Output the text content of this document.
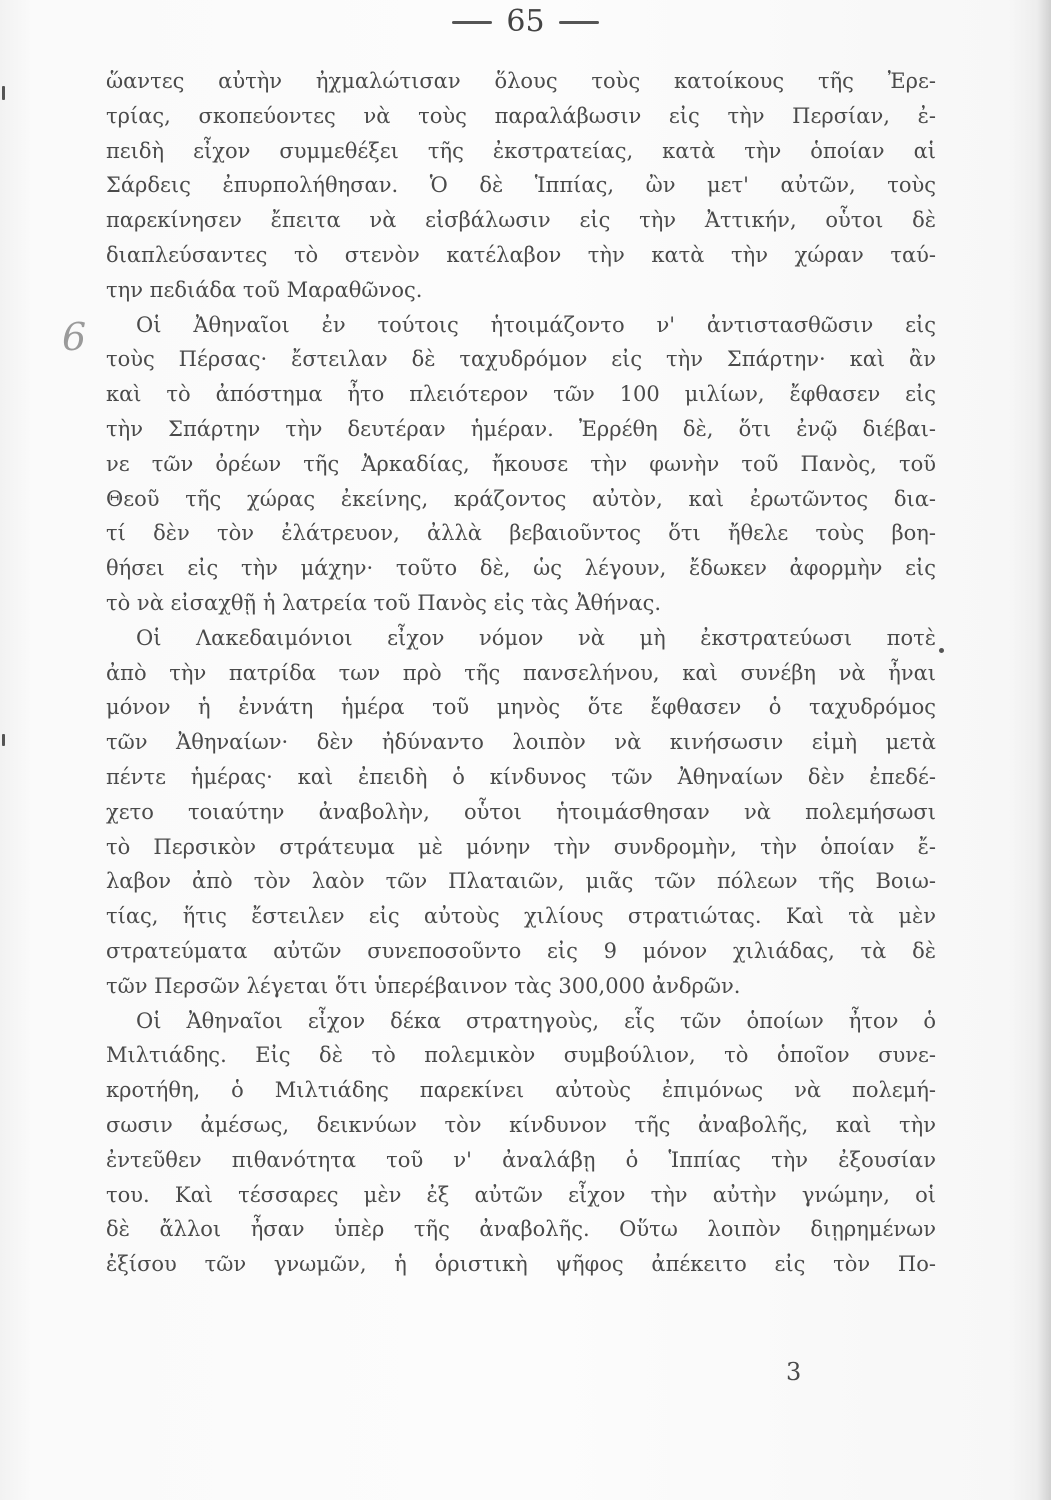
65
6
ὥαντες αὐτὴν ἠχμαλώτισαν ὅλους τοὺς κατοίκους τῆς Ἐρε-
τρίας, σκοπεύοντες νὰ τοὺς παραλάβωσιν εἰς τὴν Περσίαν, ἐ-
πειδὴ εἶχον συμμεθέξει τῆς ἐκστρατείας, κατὰ τὴν ὁποίαν αἱ
Σάρδεις ἐπυρπολήθησαν. Ὁ δὲ Ἱππίας, ὢν μετ' αὐτῶν, τοὺς
παρεκίνησεν ἔπειτα νὰ εἰσβάλωσιν εἰς τὴν Ἀττικήν, οὗτοι δὲ
διαπλεύσαντες τὸ στενὸν κατέλαβον τὴν κατὰ τὴν χώραν ταύ-
την πεδιάδα τοῦ Μαραθῶνος.
Οἱ Ἀθηναῖοι ἐν τούτοις ἡτοιμάζοντο ν' ἀντιστασθῶσιν εἰς
τοὺς Πέρσας· ἔστειλαν δὲ ταχυδρόμον εἰς τὴν Σπάρτην· καὶ ἂν
καὶ τὸ ἀπόστημα ἦτο πλειότερον τῶν 100 μιλίων, ἔφθασεν εἰς
τὴν Σπάρτην τὴν δευτέραν ἡμέραν. Ἐρρέθη δὲ, ὅτι ἐνῷ διέβαι-
νε τῶν ὀρέων τῆς Ἀρκαδίας, ἤκουσε τὴν φωνὴν τοῦ Πανὸς, τοῦ
Θεοῦ τῆς χώρας ἐκείνης, κράζοντος αὐτὸν, καὶ ἐρωτῶντος δια-
τί δὲν τὸν ἐλάτρευον, ἀλλὰ βεβαιοῦντος ὅτι ἤθελε τοὺς βοη-
θήσει εἰς τὴν μάχην· τοῦτο δὲ, ὡς λέγουν, ἔδωκεν ἀφορμὴν εἰς
τὸ νὰ εἰσαχθῇ ἡ λατρεία τοῦ Πανὸς εἰς τὰς Ἀθήνας.
Οἱ Λακεδαιμόνιοι εἶχον νόμον νὰ μὴ ἐκστρατεύωσι ποτὲ
ἀπὸ τὴν πατρίδα των πρὸ τῆς πανσελήνου, καὶ συνέβη νὰ ἦναι
μόνον ἡ ἐννάτη ἡμέρα τοῦ μηνὸς ὅτε ἔφθασεν ὁ ταχυδρόμος
τῶν Ἀθηναίων· δὲν ἠδύναντο λοιπὸν νὰ κινήσωσιν εἰμὴ μετὰ
πέντε ἡμέρας· καὶ ἐπειδὴ ὁ κίνδυνος τῶν Ἀθηναίων δὲν ἐπεδέ-
χετο τοιαύτην ἀναβολὴν, οὗτοι ἡτοιμάσθησαν νὰ πολεμήσωσι
τὸ Περσικὸν στράτευμα μὲ μόνην τὴν συνδρομὴν, τὴν ὁποίαν ἔ-
λαβον ἀπὸ τὸν λαὸν τῶν Πλαταιῶν, μιᾶς τῶν πόλεων τῆς Βοιω-
τίας, ἥτις ἔστειλεν εἰς αὐτοὺς χιλίους στρατιώτας. Καὶ τὰ μὲν
στρατεύματα αὐτῶν συνεποσοῦντο εἰς 9 μόνον χιλιάδας, τὰ δὲ
τῶν Περσῶν λέγεται ὅτι ὑπερέβαινον τὰς 300,000 ἀνδρῶν.
Οἱ Ἀθηναῖοι εἶχον δέκα στρατηγοὺς, εἷς τῶν ὁποίων ἦτον ὁ
Μιλτιάδης. Εἰς δὲ τὸ πολεμικὸν συμβούλιον, τὸ ὁποῖον συνε-
κροτήθη, ὁ Μιλτιάδης παρεκίνει αὐτοὺς ἐπιμόνως νὰ πολεμή-
σωσιν ἀμέσως, δεικνύων τὸν κίνδυνον τῆς ἀναβολῆς, καὶ τὴν
ἐντεῦθεν πιθανότητα τοῦ ν' ἀναλάβῃ ὁ Ἱππίας τὴν ἐξουσίαν
του. Καὶ τέσσαρες μὲν ἐξ αὐτῶν εἶχον τὴν αὐτὴν γνώμην, οἱ
δὲ ἄλλοι ἦσαν ὑπὲρ τῆς ἀναβολῆς. Οὕτω λοιπὸν διῃρημένων
ἐξίσου τῶν γνωμῶν, ἡ ὁριστικὴ ψῆφος ἀπέκειτο εἰς τὸν Πο-
3
